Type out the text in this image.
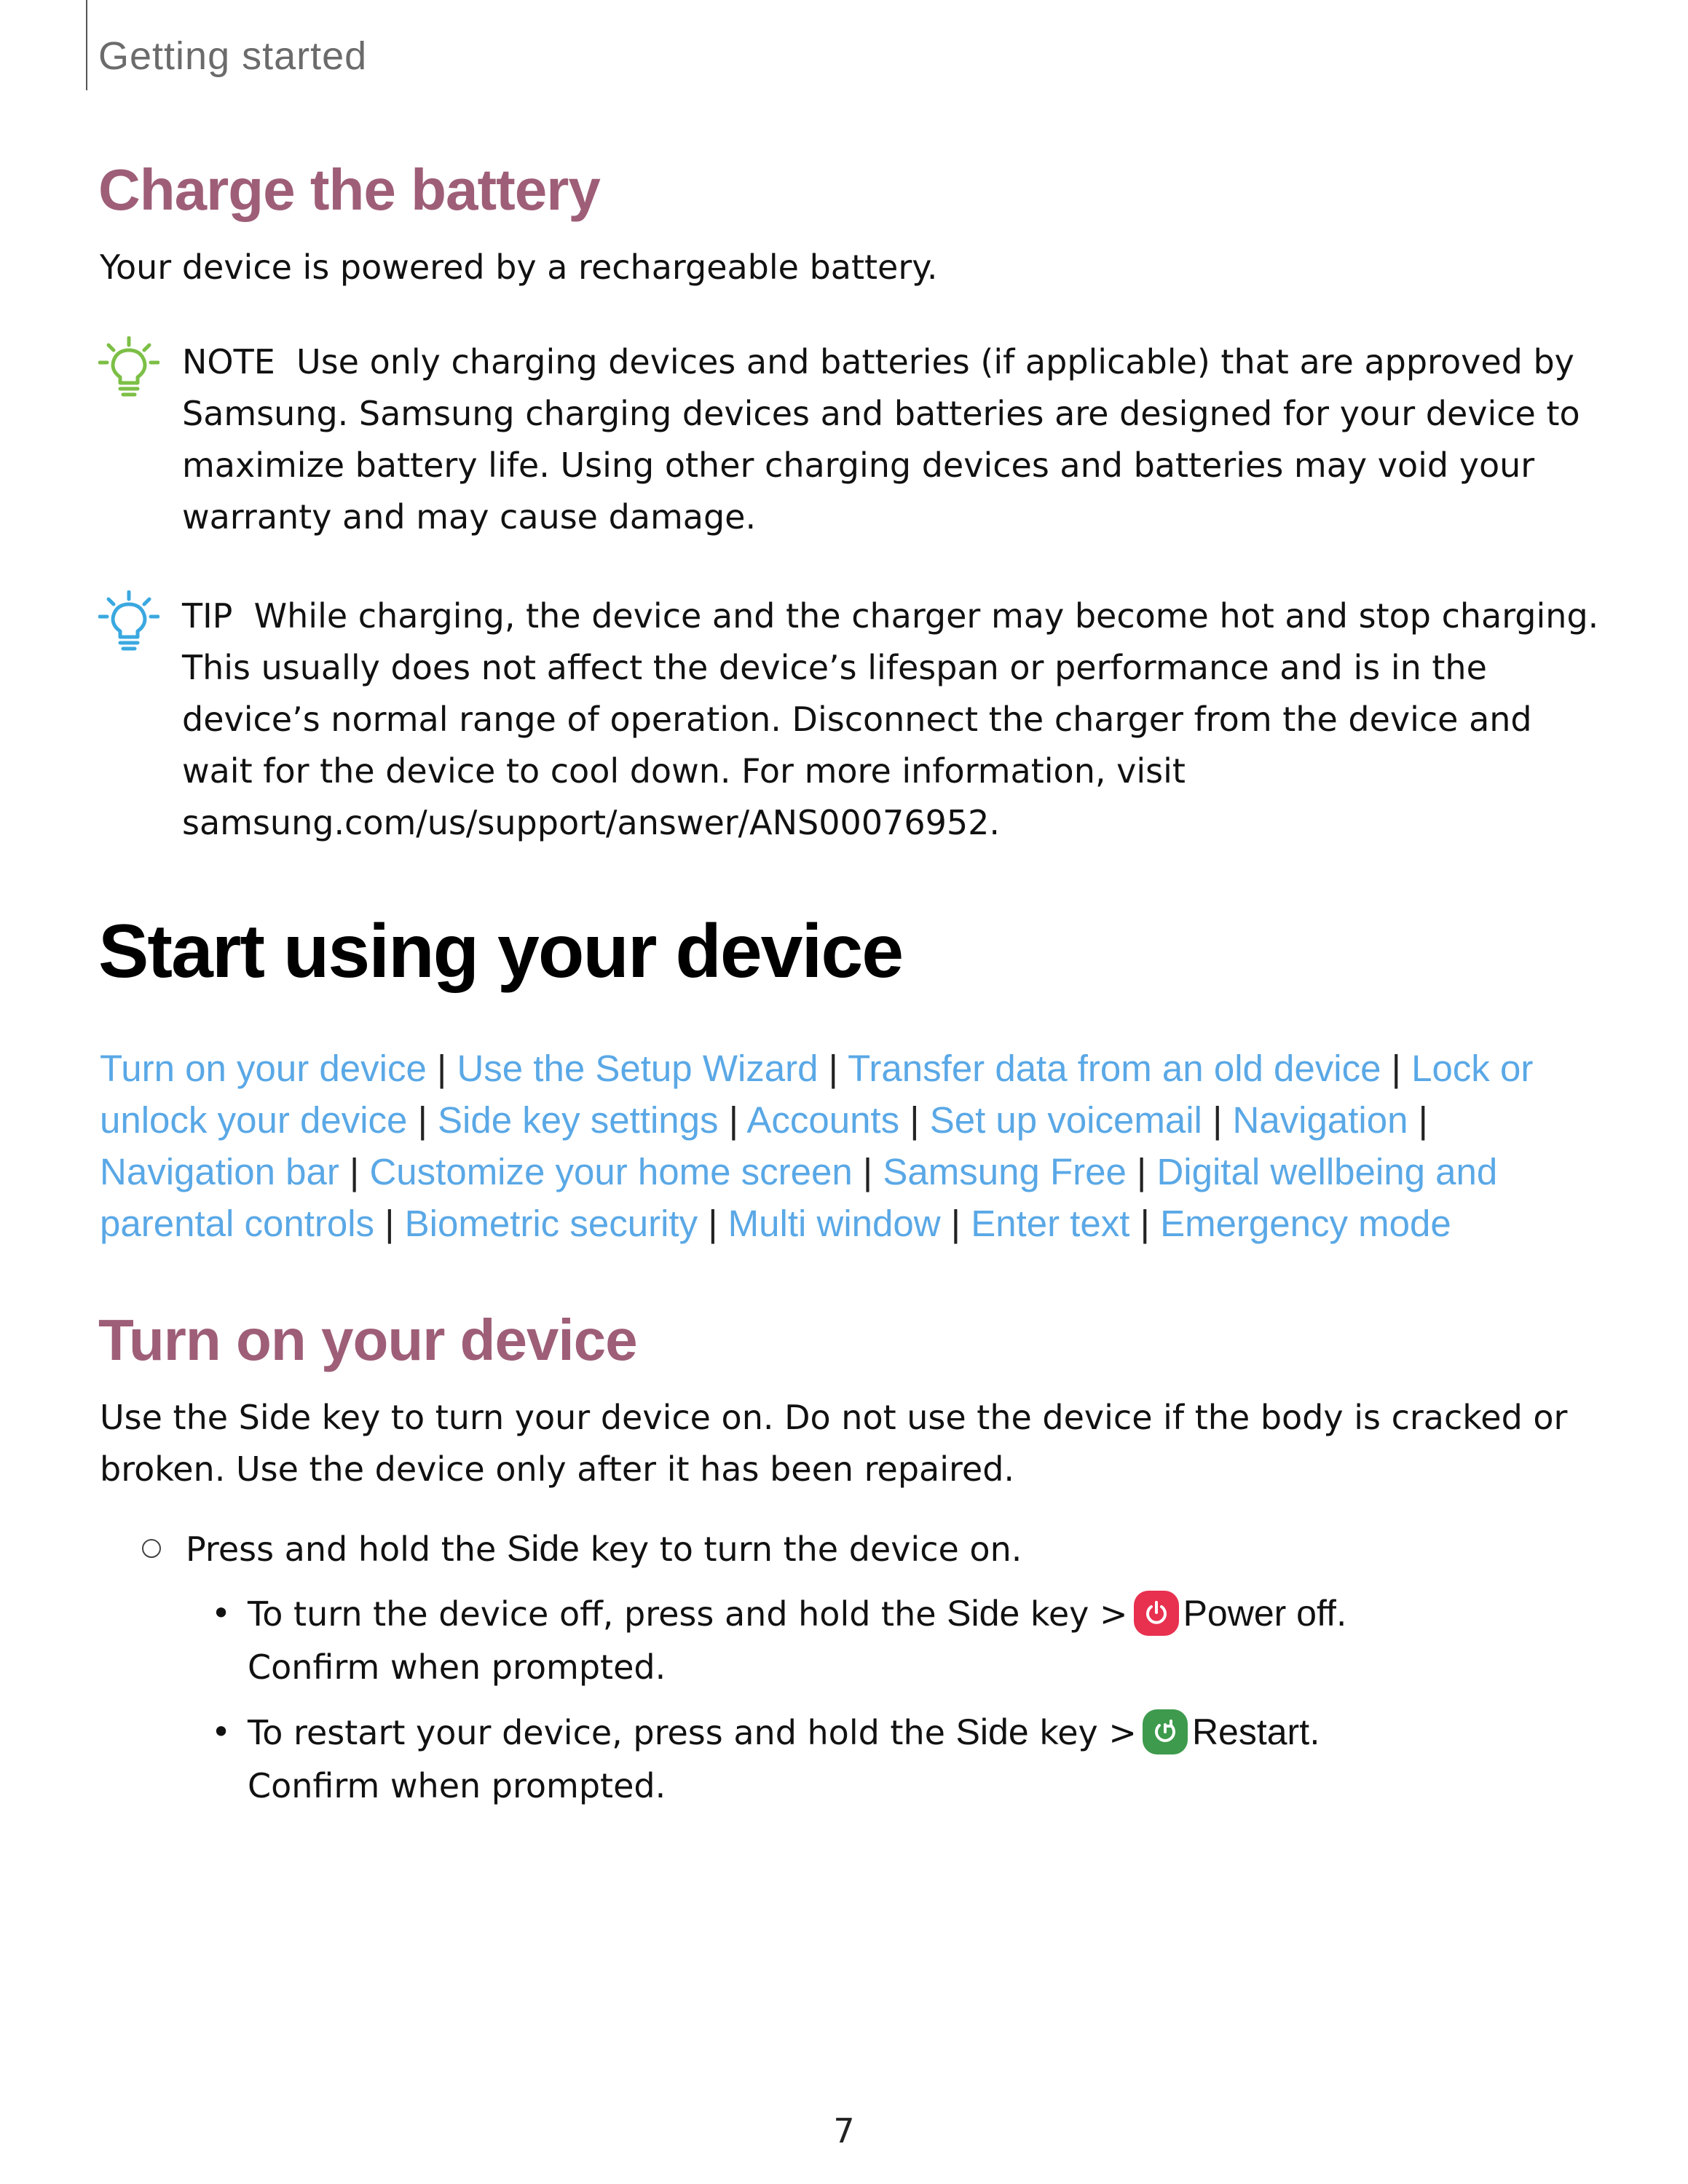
Getting started
Charge the battery

Your device is powered by a rechargeable battery.

NOTE Use only charging devices and batteries (if applicable) that are approved by Samsung. Samsung charging devices and batteries are designed for your device to maximize battery life. Using other charging devices and batteries may void your warranty and may cause damage.

TIP While charging, the device and the charger may become hot and stop charging. This usually does not affect the device’s lifespan or performance and is in the device’s normal range of operation. Disconnect the charger from the device and wait for the device to cool down. For more information, visit samsung.com/us/support/answer/ANS00076952.

Start using your device

Turn on your device | Use the Setup Wizard | Transfer data from an old device | Lock or unlock your device | Side key settings | Accounts | Set up voicemail | Navigation | Navigation bar | Customize your home screen | Samsung Free | Digital wellbeing and parental controls | Biometric security | Multi window | Enter text | Emergency mode

Turn on your device

Use the Side key to turn your device on. Do not use the device if the body is cracked or broken. Use the device only after it has been repaired.

Press and hold the Side key to turn the device on.

• To turn the device off, press and hold the Side key > Power off.
Confirm when prompted.

• To restart your device, press and hold the Side key > Restart.
Confirm when prompted.

7
